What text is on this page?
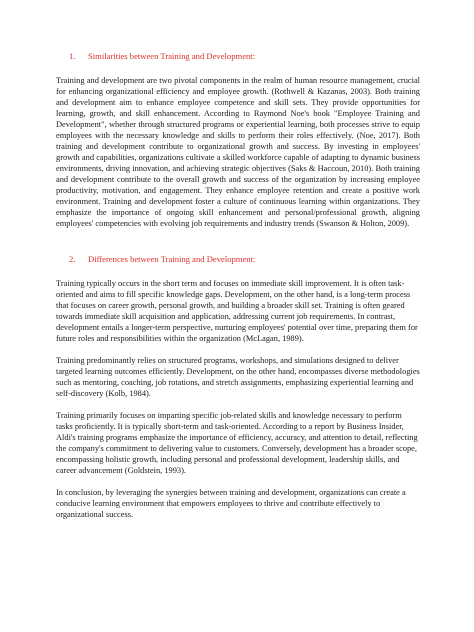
1. Similarities between Training and Development:

Training and development are two pivotal components in the realm of human resource management, crucial for enhancing organizational efficiency and employee growth. (Rothwell & Kazanas, 2003). Both training and development aim to enhance employee competence and skill sets. They provide opportunities for learning, growth, and skill enhancement. According to Raymond Noe's book "Employee Training and Development", whether through structured programs or experiential learning, both processes strive to equip employees with the necessary knowledge and skills to perform their roles effectively. (Noe, 2017). Both training and development contribute to organizational growth and success. By investing in employees' growth and capabilities, organizations cultivate a skilled workforce capable of adapting to dynamic business environments, driving innovation, and achieving strategic objectives (Saks & Haccoun, 2010). Both training and development contribute to the overall growth and success of the organization by increasing employee productivity, motivation, and engagement. They enhance employee retention and create a positive work environment. Training and development foster a culture of continuous learning within organizations. They emphasize the importance of ongoing skill enhancement and personal/professional growth, aligning employees' competencies with evolving job requirements and industry trends (Swanson & Holton, 2009).

2. Differences between Training and Development:

Training typically occurs in the short term and focuses on immediate skill improvement. It is often task-oriented and aims to fill specific knowledge gaps. Development, on the other hand, is a long-term process that focuses on career growth, personal growth, and building a broader skill set. Training is often geared towards immediate skill acquisition and application, addressing current job requirements. In contrast, development entails a longer-term perspective, nurturing employees' potential over time, preparing them for future roles and responsibilities within the organization (McLagan, 1989).

Training predominantly relies on structured programs, workshops, and simulations designed to deliver targeted learning outcomes efficiently. Development, on the other hand, encompasses diverse methodologies such as mentoring, coaching, job rotations, and stretch assignments, emphasizing experiential learning and self-discovery (Kolb, 1984).

Training primarily focuses on imparting specific job-related skills and knowledge necessary to perform tasks proficiently. It is typically short-term and task-oriented. According to a report by Business Insider, Aldi's training programs emphasize the importance of efficiency, accuracy, and attention to detail, reflecting the company's commitment to delivering value to customers. Conversely, development has a broader scope, encompassing holistic growth, including personal and professional development, leadership skills, and career advancement (Goldstein, 1993).

In conclusion, by leveraging the synergies between training and development, organizations can create a conducive learning environment that empowers employees to thrive and contribute effectively to organizational success.
